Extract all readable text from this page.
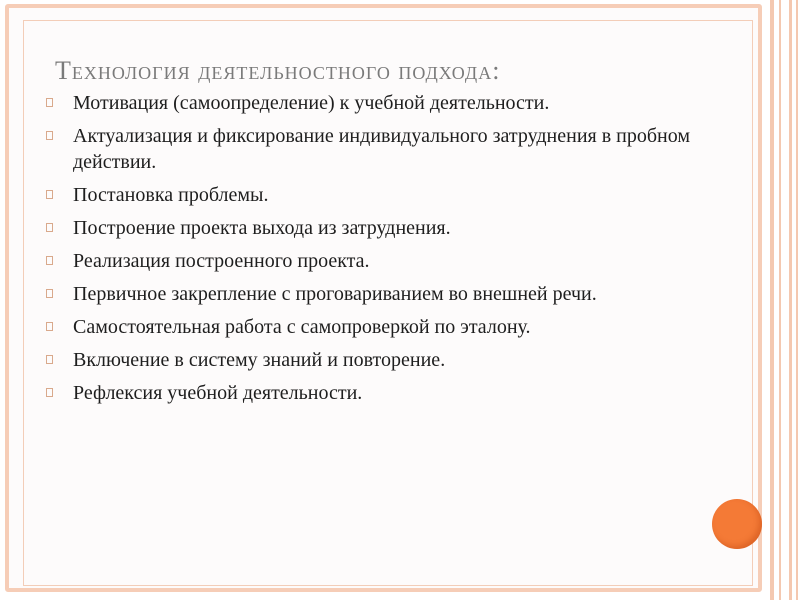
Технология деятельностного подхода:
Мотивация (самоопределение) к учебной деятельности.
Актуализация и фиксирование индивидуального затруднения в пробном действии.
Постановка проблемы.
Построение проекта выхода из затруднения.
Реализация построенного проекта.
Первичное закрепление с проговариванием во внешней речи.
Самостоятельная работа с самопроверкой по эталону.
Включение в систему знаний и повторение.
Рефлексия учебной деятельности.
